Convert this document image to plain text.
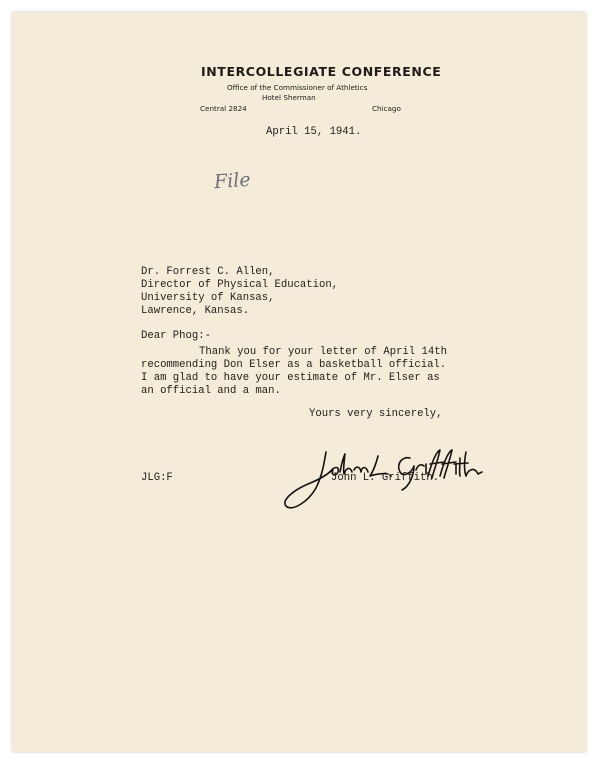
INTERCOLLEGIATE CONFERENCE
Office of the Commissioner of Athletics
Hotel Sherman
Central 2824	Chicago
April 15, 1941.
File
Dr. Forrest C. Allen,
Director of Physical Education,
University of Kansas,
Lawrence, Kansas.
Dear Phog:-
Thank you for your letter of April 14th
recommending Don Elser as a basketball official.
I am glad to have your estimate of Mr. Elser as
an official and a man.
Yours very sincerely,
JLG:F	John L. Griffith.
